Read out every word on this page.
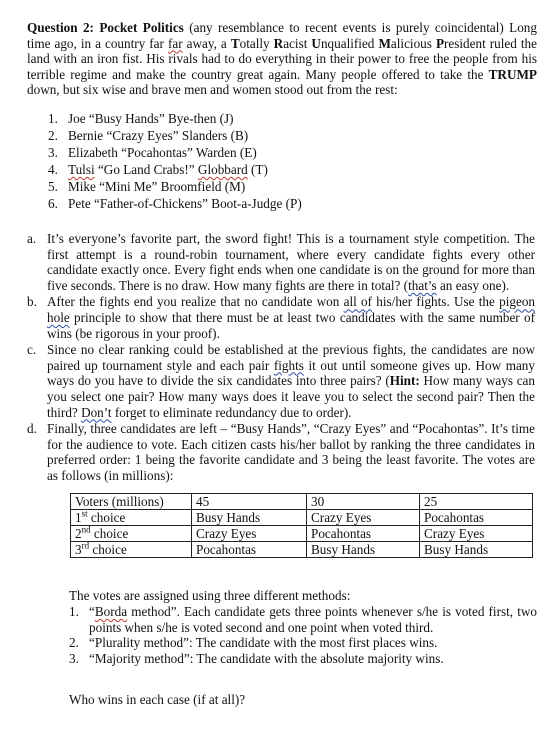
Question 2: Pocket Politics (any resemblance to recent events is purely coincidental) Long time ago, in a country far far away, a Totally Racist Unqualified Malicious President ruled the land with an iron fist. His rivals had to do everything in their power to free the people from his terrible regime and make the country great again. Many people offered to take the TRUMP down, but six wise and brave men and women stood out from the rest:

1. Joe “Busy Hands” Bye-then (J)
2. Bernie “Crazy Eyes” Slanders (B)
3. Elizabeth “Pocahontas” Warden (E)
4. Tulsi “Go Land Crabs!” Globbard (T)
5. Mike “Mini Me” Broomfield (M)
6. Pete “Father-of-Chickens” Boot-a-Judge (P)
a. It’s everyone’s favorite part, the sword fight! This is a tournament style competition. The first attempt is a round-robin tournament, where every candidate fights every other candidate exactly once. Every fight ends when one candidate is on the ground for more than five seconds. There is no draw. How many fights are there in total? (that’s an easy one).
b. After the fights end you realize that no candidate won all of his/her fights. Use the pigeon hole principle to show that there must be at least two candidates with the same number of wins (be rigorous in your proof).
c. Since no clear ranking could be established at the previous fights, the candidates are now paired up tournament style and each pair fights it out until someone gives up. How many ways do you have to divide the six candidates into three pairs? (Hint: How many ways can you select one pair? How many ways does it leave you to select the second pair? Then the third? Don’t forget to eliminate redundancy due to order).
d. Finally, three candidates are left – “Busy Hands”, “Crazy Eyes” and “Pocahontas”. It’s time for the audience to vote. Each citizen casts his/her ballot by ranking the three candidates in preferred order: 1 being the favorite candidate and 3 being the least favorite. The votes are as follows (in millions):
Voters (millions)	45	30	25
1st choice	Busy Hands	Crazy Eyes	Pocahontas
2nd choice	Crazy Eyes	Pocahontas	Crazy Eyes
3rd choice	Pocahontas	Busy Hands	Busy Hands

The votes are assigned using three different methods:

1. “Borda method”. Each candidate gets three points whenever s/he is voted first, two points when s/he is voted second and one point when voted third.
2. “Plurality method”: The candidate with the most first places wins.
3. “Majority method”: The candidate with the absolute majority wins.

Who wins in each case (if at all)?
